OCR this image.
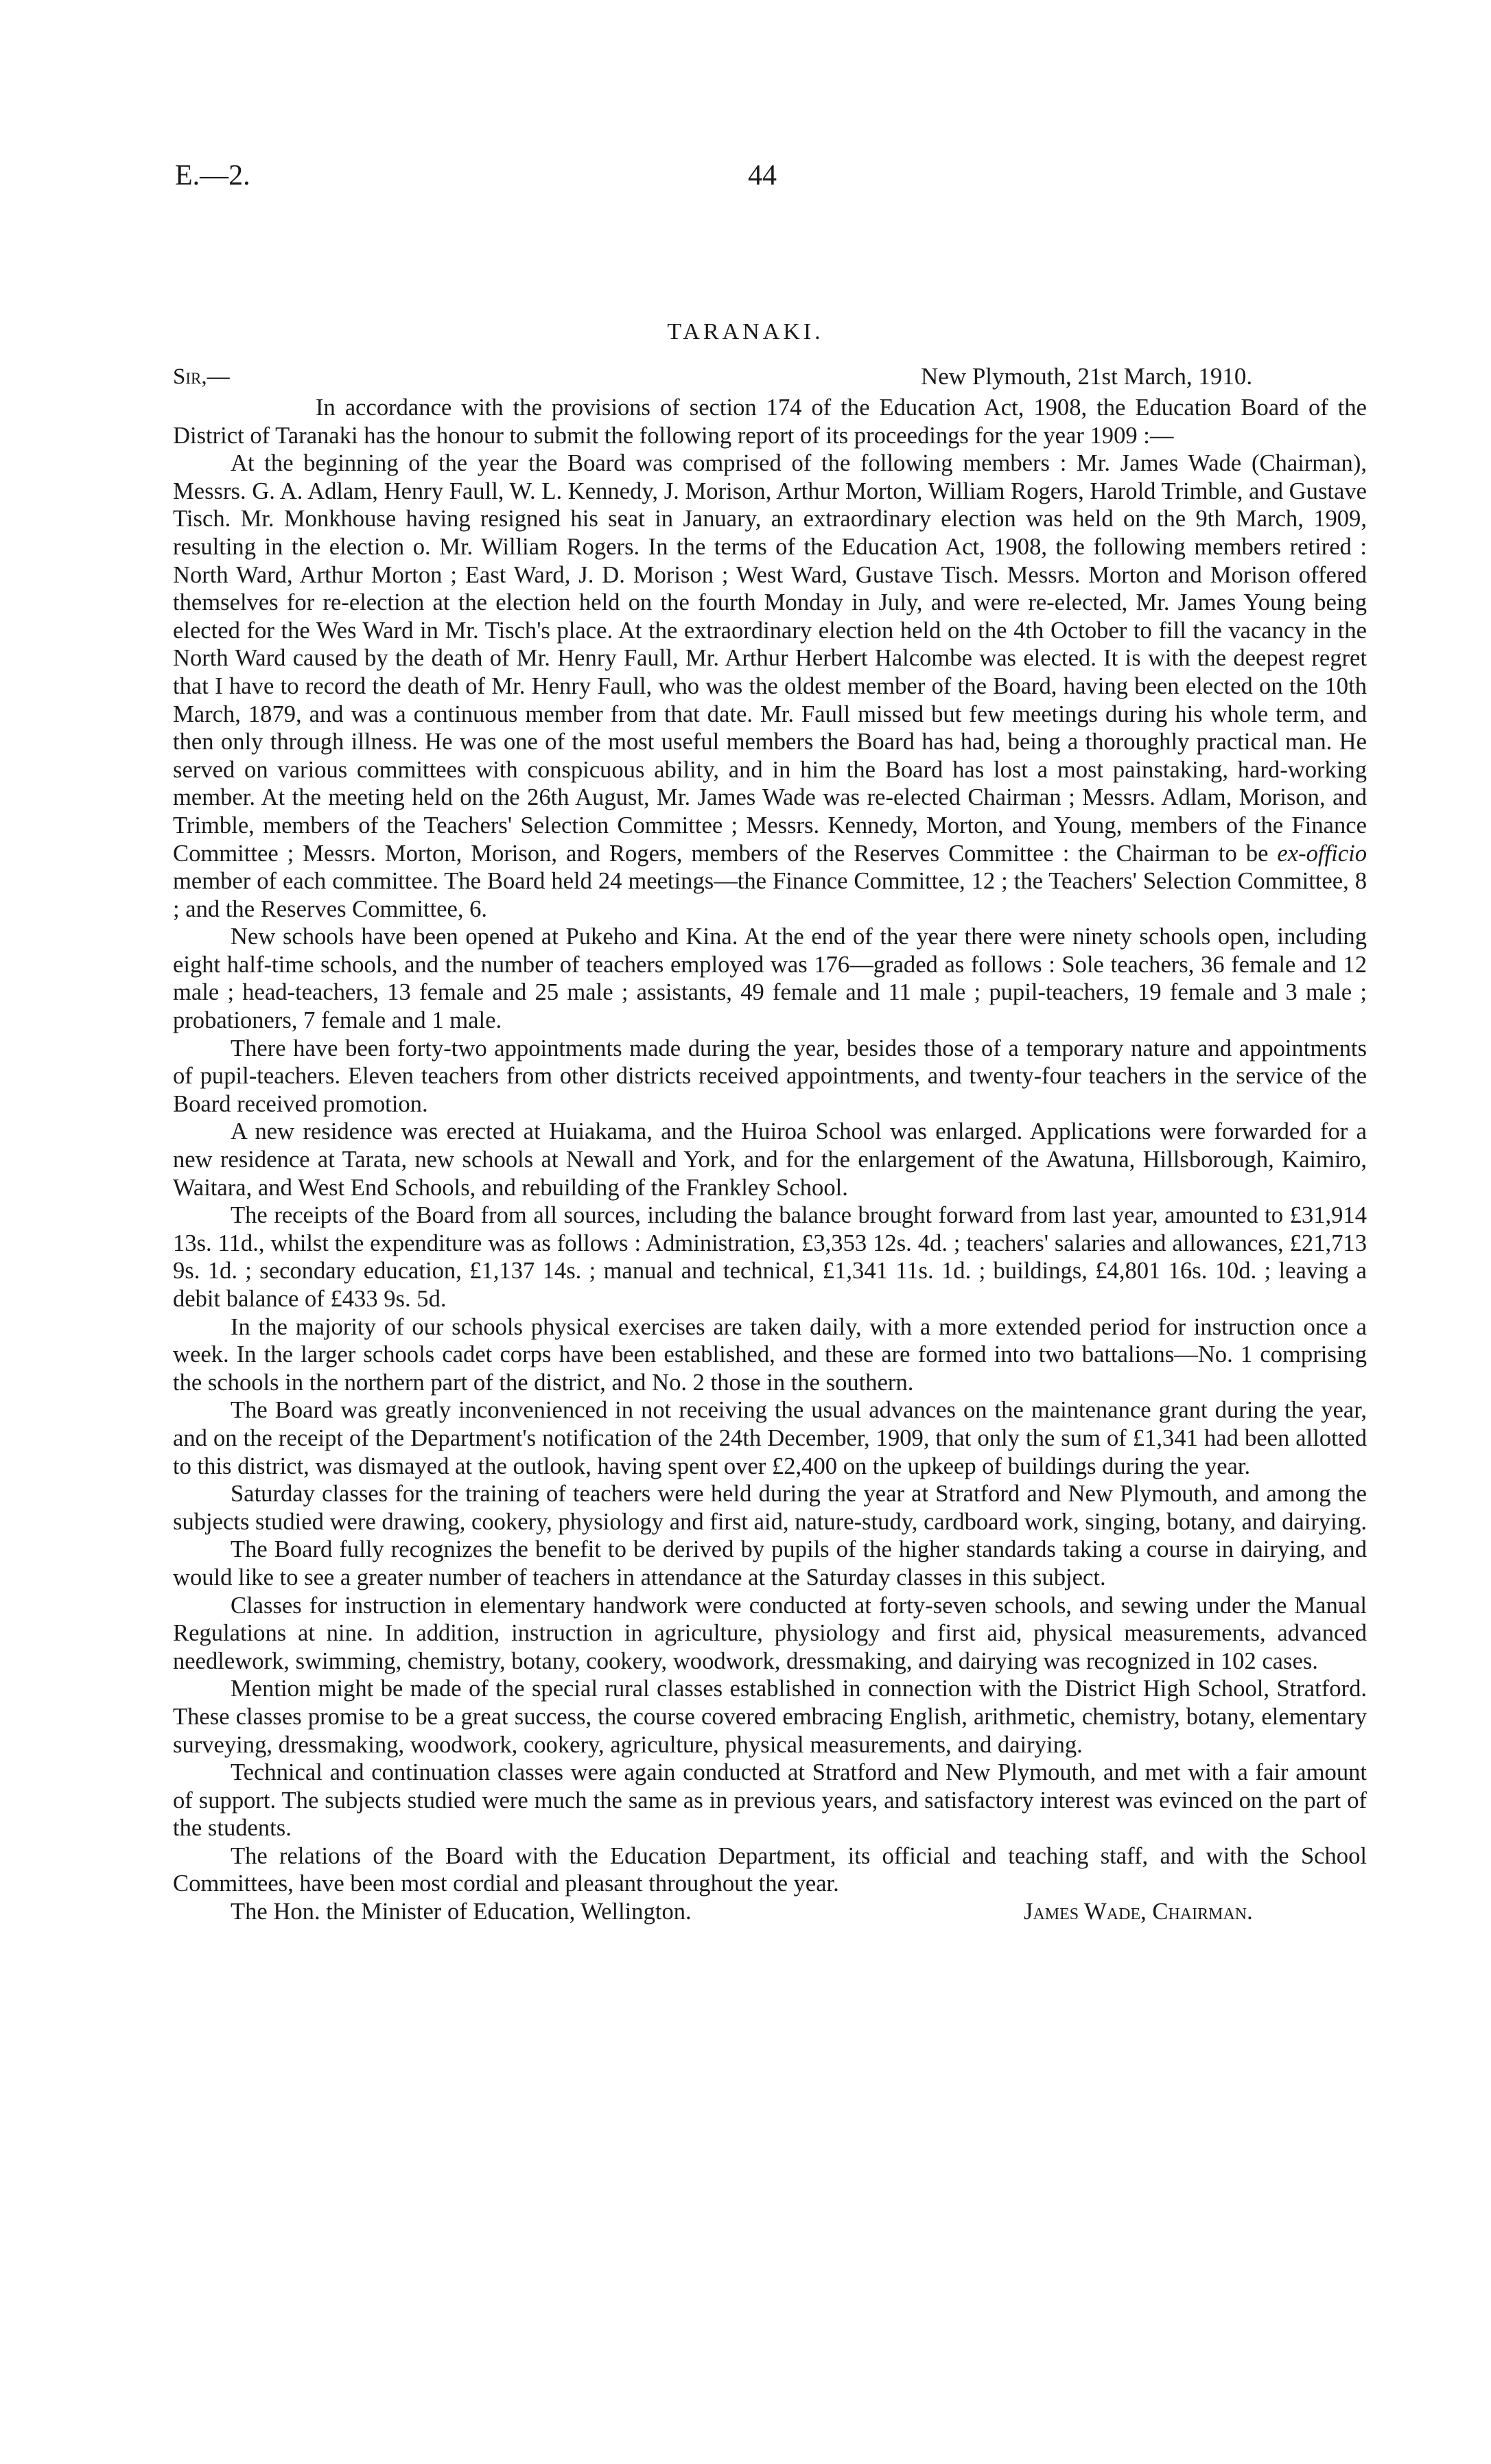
E.—2.	44
TARANAKI.
Sir,—	New Plymouth, 21st March, 1910.

In accordance with the provisions of section 174 of the Education Act, 1908, the Education Board of the District of Taranaki has the honour to submit the following report of its proceedings for the year 1909 :—

At the beginning of the year the Board was comprised of the following members : Mr. James Wade (Chairman), Messrs. G. A. Adlam, Henry Faull, W. L. Kennedy, J. Morison, Arthur Morton, William Rogers, Harold Trimble, and Gustave Tisch. Mr. Monkhouse having resigned his seat in January, an extraordinary election was held on the 9th March, 1909, resulting in the election o. Mr. William Rogers. In the terms of the Education Act, 1908, the following members retired : North Ward, Arthur Morton ; East Ward, J. D. Morison ; West Ward, Gustave Tisch. Messrs. Morton and Morison offered themselves for re-election at the election held on the fourth Monday in July, and were re-elected, Mr. James Young being elected for the Wes Ward in Mr. Tisch's place. At the extraordinary election held on the 4th October to fill the vacancy in the North Ward caused by the death of Mr. Henry Faull, Mr. Arthur Herbert Halcombe was elected. It is with the deepest regret that I have to record the death of Mr. Henry Faull, who was the oldest member of the Board, having been elected on the 10th March, 1879, and was a continuous member from that date. Mr. Faull missed but few meetings during his whole term, and then only through illness. He was one of the most useful members the Board has had, being a thoroughly practical man. He served on various committees with conspicuous ability, and in him the Board has lost a most painstaking, hard-working member. At the meeting held on the 26th August, Mr. James Wade was re-elected Chairman ; Messrs. Adlam, Morison, and Trimble, members of the Teachers' Selection Committee ; Messrs. Kennedy, Morton, and Young, members of the Finance Committee ; Messrs. Morton, Morison, and Rogers, members of the Reserves Committee : the Chairman to be ex-officio member of each committee. The Board held 24 meetings—the Finance Committee, 12 ; the Teachers' Selection Committee, 8 ; and the Reserves Committee, 6.

New schools have been opened at Pukeho and Kina. At the end of the year there were ninety schools open, including eight half-time schools, and the number of teachers employed was 176—graded as follows : Sole teachers, 36 female and 12 male ; head-teachers, 13 female and 25 male ; assistants, 49 female and 11 male ; pupil-teachers, 19 female and 3 male ; probationers, 7 female and 1 male.

There have been forty-two appointments made during the year, besides those of a temporary nature and appointments of pupil-teachers. Eleven teachers from other districts received appointments, and twenty-four teachers in the service of the Board received promotion.

A new residence was erected at Huiakama, and the Huiroa School was enlarged. Applications were forwarded for a new residence at Tarata, new schools at Newall and York, and for the enlargement of the Awatuna, Hillsborough, Kaimiro, Waitara, and West End Schools, and rebuilding of the Frankley School.

The receipts of the Board from all sources, including the balance brought forward from last year, amounted to £31,914 13s. 11d., whilst the expenditure was as follows : Administration, £3,353 12s. 4d. ; teachers' salaries and allowances, £21,713 9s. 1d. ; secondary education, £1,137 14s. ; manual and technical, £1,341 11s. 1d. ; buildings, £4,801 16s. 10d. ; leaving a debit balance of £433 9s. 5d.

In the majority of our schools physical exercises are taken daily, with a more extended period for instruction once a week. In the larger schools cadet corps have been established, and these are formed into two battalions—No. 1 comprising the schools in the northern part of the district, and No. 2 those in the southern.

The Board was greatly inconvenienced in not receiving the usual advances on the maintenance grant during the year, and on the receipt of the Department's notification of the 24th December, 1909, that only the sum of £1,341 had been allotted to this district, was dismayed at the outlook, having spent over £2,400 on the upkeep of buildings during the year.

Saturday classes for the training of teachers were held during the year at Stratford and New Plymouth, and among the subjects studied were drawing, cookery, physiology and first aid, nature-study, cardboard work, singing, botany, and dairying.

The Board fully recognizes the benefit to be derived by pupils of the higher standards taking a course in dairying, and would like to see a greater number of teachers in attendance at the Saturday classes in this subject.

Classes for instruction in elementary handwork were conducted at forty-seven schools, and sewing under the Manual Regulations at nine. In addition, instruction in agriculture, physiology and first aid, physical measurements, advanced needlework, swimming, chemistry, botany, cookery, woodwork, dressmaking, and dairying was recognized in 102 cases.

Mention might be made of the special rural classes established in connection with the District High School, Stratford. These classes promise to be a great success, the course covered embracing English, arithmetic, chemistry, botany, elementary surveying, dressmaking, woodwork, cookery, agriculture, physical measurements, and dairying.

Technical and continuation classes were again conducted at Stratford and New Plymouth, and met with a fair amount of support. The subjects studied were much the same as in previous years, and satisfactory interest was evinced on the part of the students.

The relations of the Board with the Education Department, its official and teaching staff, and with the School Committees, have been most cordial and pleasant throughout the year.

The Hon. the Minister of Education, Wellington.	James Wade, Chairman.
